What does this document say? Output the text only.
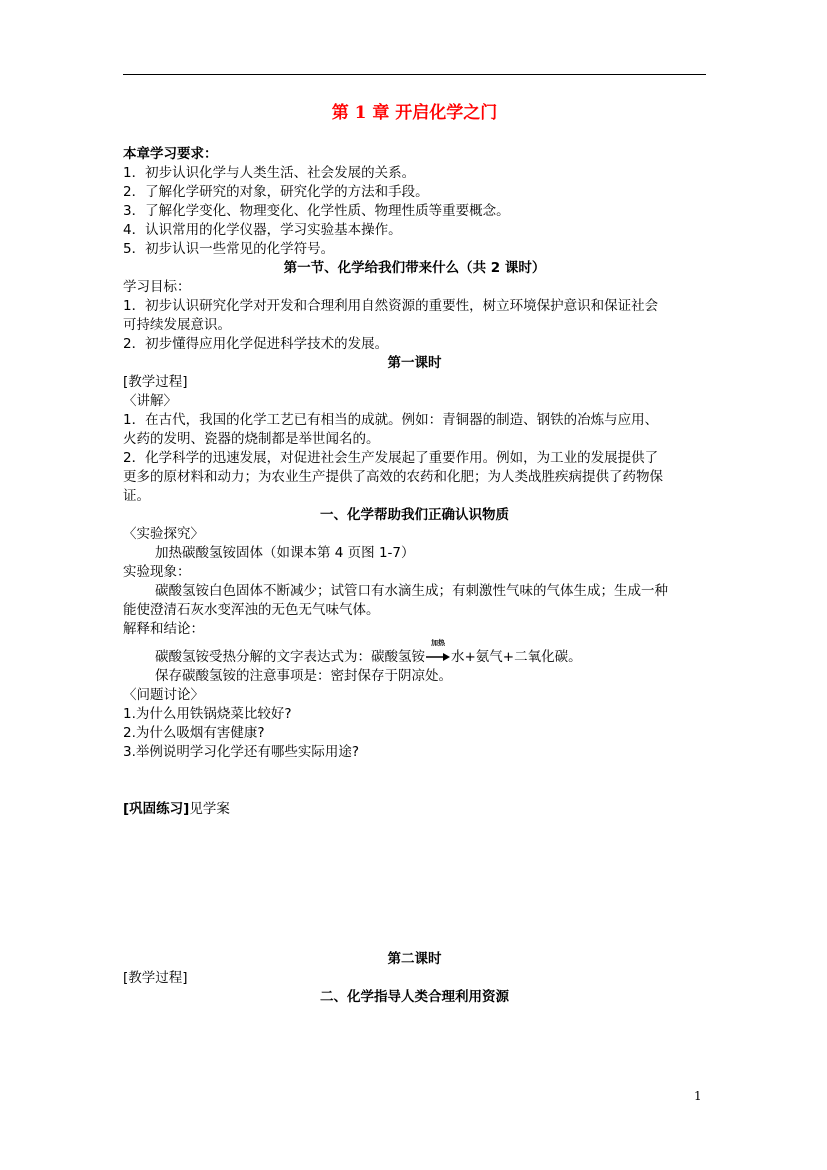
第 1 章 开启化学之门
本章学习要求：
1．初步认识化学与人类生活、社会发展的关系。
2．了解化学研究的对象，研究化学的方法和手段。
3．了解化学变化、物理变化、化学性质、物理性质等重要概念。
4．认识常用的化学仪器，学习实验基本操作。
5．初步认识一些常见的化学符号。
第一节、化学给我们带来什么（共 2 课时）
学习目标：
1．初步认识研究化学对开发和合理利用自然资源的重要性，树立环境保护意识和保证社会
可持续发展意识。
2．初步懂得应用化学促进科学技术的发展。
第一课时
[教学过程]
〈讲解〉
1．在古代，我国的化学工艺已有相当的成就。例如：青铜器的制造、钢铁的冶炼与应用、
火药的发明、瓷器的烧制都是举世闻名的。
2．化学科学的迅速发展，对促进社会生产发展起了重要作用。例如，为工业的发展提供了
更多的原材料和动力；为农业生产提供了高效的农药和化肥；为人类战胜疾病提供了药物保
证。
一、化学帮助我们正确认识物质
〈实验探究〉
加热碳酸氢铵固体（如课本第 4 页图 1-7）
实验现象：
碳酸氢铵白色固体不断减少；试管口有水滴生成；有刺激性气味的气体生成；生成一种
能使澄清石灰水变浑浊的无色无气味气体。
解释和结论：
碳酸氢铵受热分解的文字表达式为：碳酸氢铵
加热
水+氨气+二氧化碳。
保存碳酸氢铵的注意事项是：密封保存于阴凉处。
〈问题讨论〉
1.为什么用铁锅烧菜比较好?
2.为什么吸烟有害健康?
3.举例说明学习化学还有哪些实际用途?
[巩固练习]见学案
第二课时
[教学过程]
二、化学指导人类合理利用资源
1
